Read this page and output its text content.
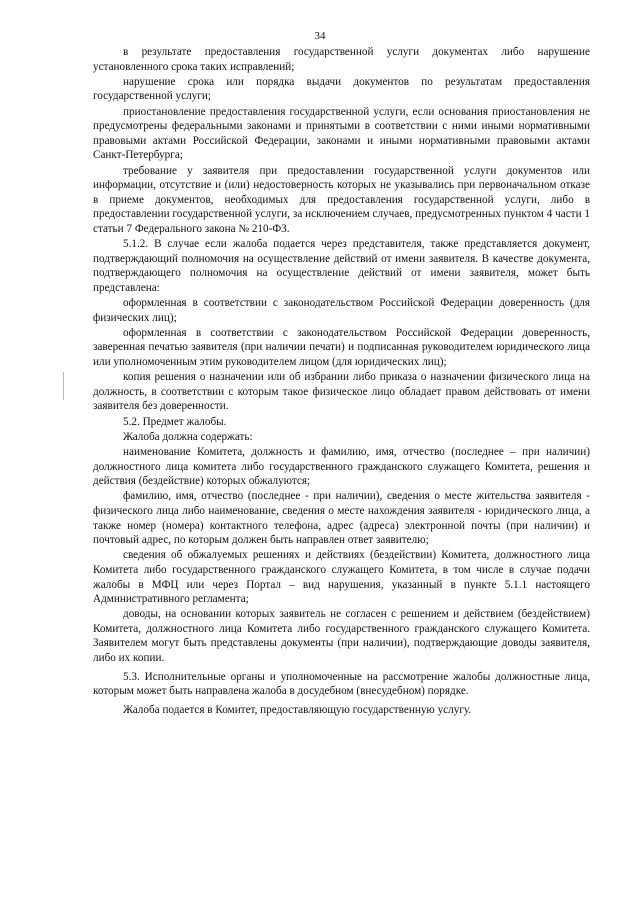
34

в результате предоставления государственной услуги документах либо нарушение установленного срока таких исправлений;

нарушение срока или порядка выдачи документов по результатам предоставления государственной услуги;

приостановление предоставления государственной услуги, если основания приостановления не предусмотрены федеральными законами и принятыми в соответствии с ними иными нормативными правовыми актами Российской Федерации, законами и иными нормативными правовыми актами Санкт-Петербурга;

требование у заявителя при предоставлении государственной услуги документов или информации, отсутствие и (или) недостоверность которых не указывались при первоначальном отказе в приеме документов, необходимых для предоставления государственной услуги, либо в предоставлении государственной услуги, за исключением случаев, предусмотренных пунктом 4 части 1 статьи 7 Федерального закона № 210-ФЗ.

5.1.2. В случае если жалоба подается через представителя, также представляется документ, подтверждающий полномочия на осуществление действий от имени заявителя. В качестве документа, подтверждающего полномочия на осуществление действий от имени заявителя, может быть представлена:

оформленная в соответствии с законодательством Российской Федерации доверенность (для физических лиц);

оформленная в соответствии с законодательством Российской Федерации доверенность, заверенная печатью заявителя (при наличии печати) и подписанная руководителем юридического лица или уполномоченным этим руководителем лицом (для юридических лиц);

копия решения о назначении или об избрании либо приказа о назначении физического лица на должность, в соответствии с которым такое физическое лицо обладает правом действовать от имени заявителя без доверенности.

5.2. Предмет жалобы.

Жалоба должна содержать:

наименование Комитета, должность и фамилию, имя, отчество (последнее – при наличии) должностного лица комитета либо государственного гражданского служащего Комитета, решения и действия (бездействие) которых обжалуются;

фамилию, имя, отчество (последнее - при наличии), сведения о месте жительства заявителя - физического лица либо наименование, сведения о месте нахождения заявителя - юридического лица, а также номер (номера) контактного телефона, адрес (адреса) электронной почты (при наличии) и почтовый адрес, по которым должен быть направлен ответ заявителю;

сведения об обжалуемых решениях и действиях (бездействии) Комитета, должностного лица Комитета либо государственного гражданского служащего Комитета, в том числе в случае подачи жалобы в МФЦ или через Портал – вид нарушения, указанный в пункте 5.1.1 настоящего Административного регламента;

доводы, на основании которых заявитель не согласен с решением и действием (бездействием) Комитета, должностного лица Комитета либо государственного гражданского служащего Комитета. Заявителем могут быть представлены документы (при наличии), подтверждающие доводы заявителя, либо их копии.

5.3. Исполнительные органы и уполномоченные на рассмотрение жалобы должностные лица, которым может быть направлена жалоба в досудебном (внесудебном) порядке.

Жалоба подается в Комитет, предоставляющую государственную услугу.
